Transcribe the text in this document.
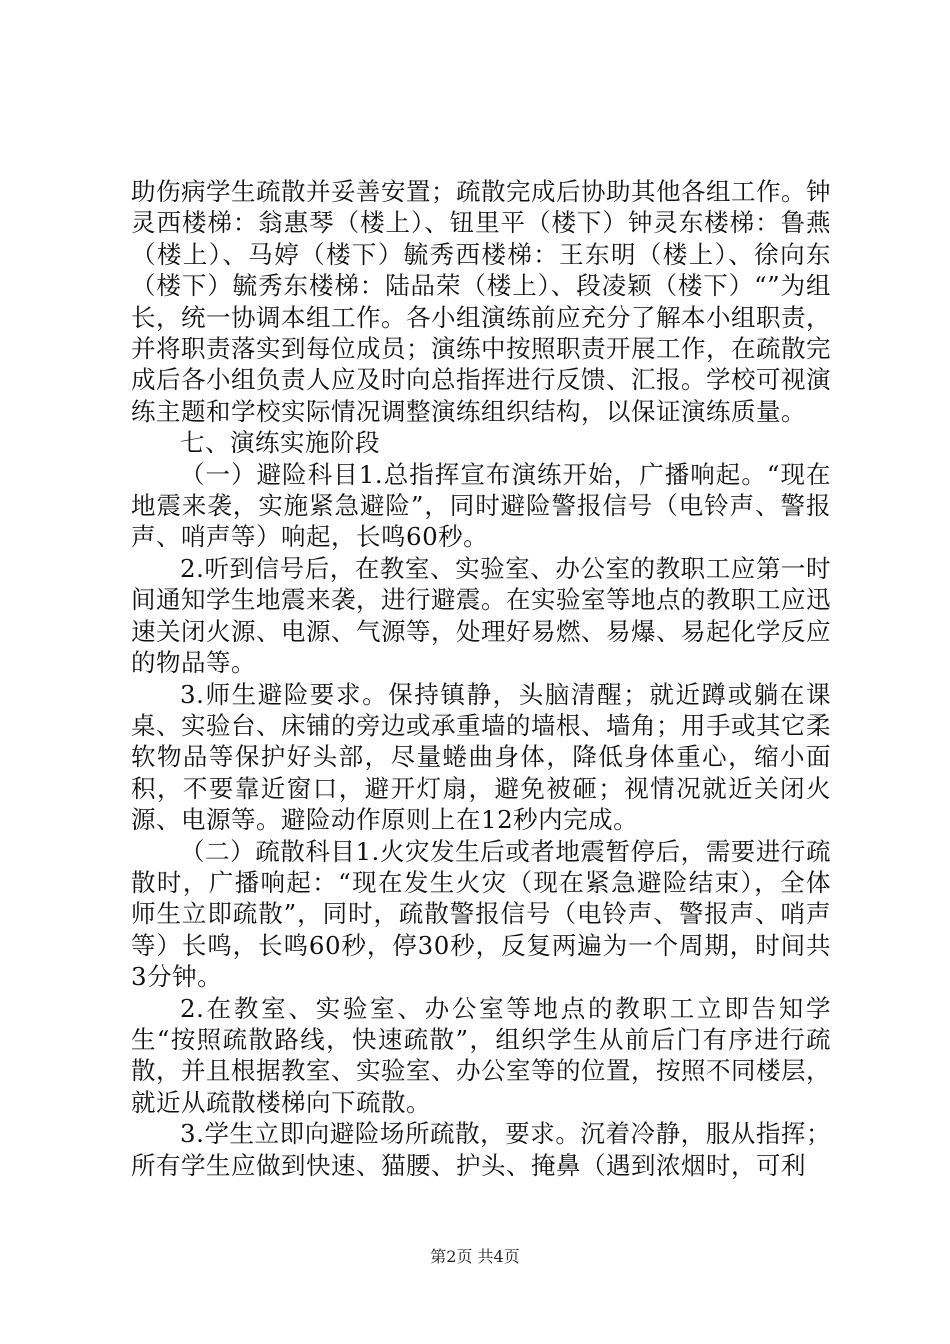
助伤病学生疏散并妥善安置；疏散完成后协助其他各组工作。钟灵西楼梯：翁惠琴（楼上）、钮里平（楼下）钟灵东楼梯：鲁燕（楼上）、马婷（楼下）毓秀西楼梯：王东明（楼上）、徐向东（楼下）毓秀东楼梯：陆品荣（楼上）、段凌颖（楼下）“”为组长，统一协调本组工作。各小组演练前应充分了解本小组职责，并将职责落实到每位成员；演练中按照职责开展工作，在疏散完成后各小组负责人应及时向总指挥进行反馈、汇报。学校可视演练主题和学校实际情况调整演练组织结构，以保证演练质量。

七、演练实施阶段

（一）避险科目1.总指挥宣布演练开始，广播响起。“现在地震来袭，实施紧急避险”，同时避险警报信号（电铃声、警报声、哨声等）响起，长鸣60秒。

2.听到信号后，在教室、实验室、办公室的教职工应第一时间通知学生地震来袭，进行避震。在实验室等地点的教职工应迅速关闭火源、电源、气源等，处理好易燃、易爆、易起化学反应的物品等。

3.师生避险要求。保持镇静，头脑清醒；就近蹲或躺在课桌、实验台、床铺的旁边或承重墙的墙根、墙角；用手或其它柔软物品等保护好头部，尽量蜷曲身体，降低身体重心，缩小面积，不要靠近窗口，避开灯扇，避免被砸；视情况就近关闭火源、电源等。避险动作原则上在12秒内完成。

（二）疏散科目1.火灾发生后或者地震暂停后，需要进行疏散时，广播响起：“现在发生火灾（现在紧急避险结束），全体师生立即疏散”，同时，疏散警报信号（电铃声、警报声、哨声等）长鸣，长鸣60秒，停30秒，反复两遍为一个周期，时间共3分钟。

2.在教室、实验室、办公室等地点的教职工立即告知学生“按照疏散路线，快速疏散”，组织学生从前后门有序进行疏散，并且根据教室、实验室、办公室等的位置，按照不同楼层，就近从疏散楼梯向下疏散。

3.学生立即向避险场所疏散，要求。沉着冷静，服从指挥；所有学生应做到快速、猫腰、护头、掩鼻（遇到浓烟时，可利

第2页 共4页
